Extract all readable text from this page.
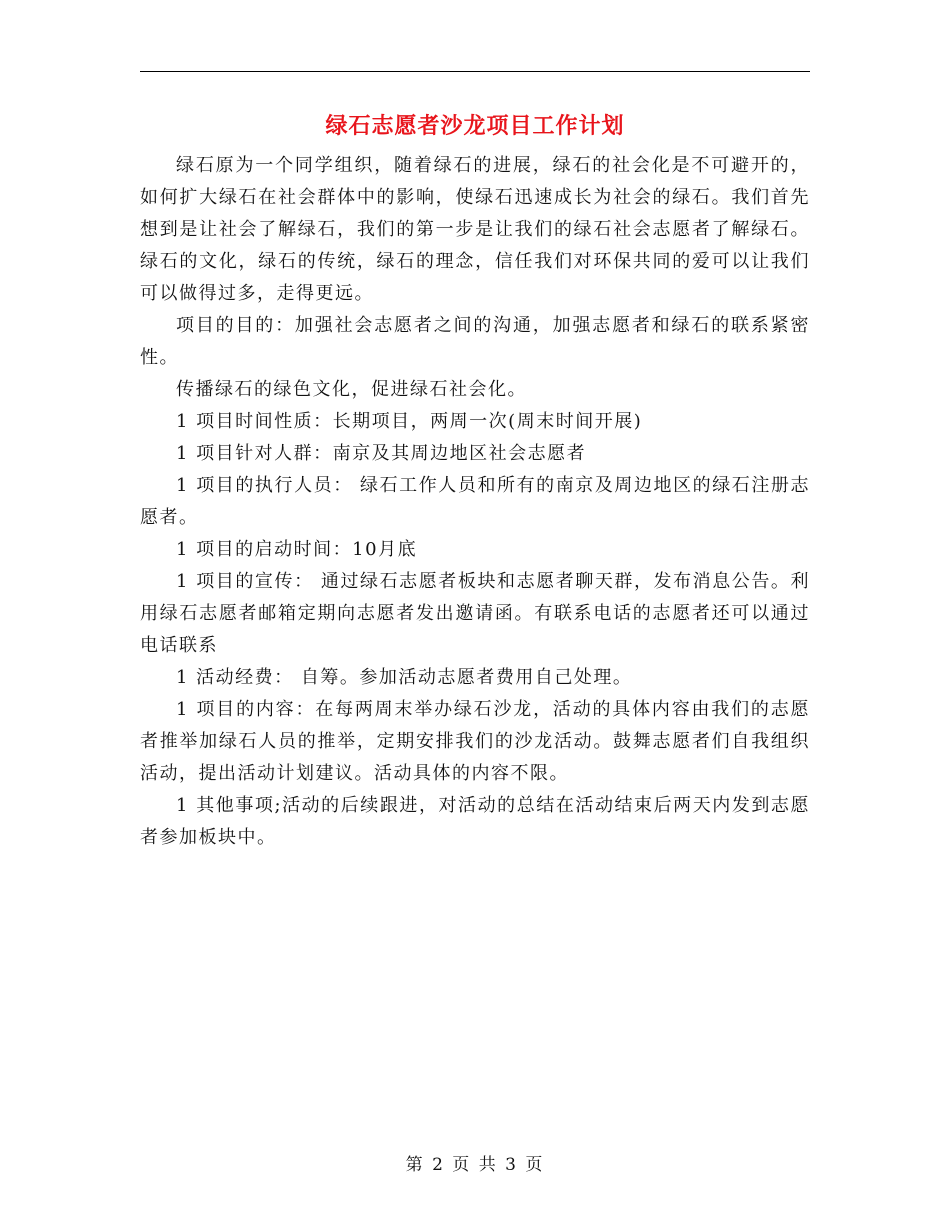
绿石志愿者沙龙项目工作计划

绿石原为一个同学组织，随着绿石的进展，绿石的社会化是不可避开的，如何扩大绿石在社会群体中的影响，使绿石迅速成长为社会的绿石。我们首先想到是让社会了解绿石，我们的第一步是让我们的绿石社会志愿者了解绿石。绿石的文化，绿石的传统，绿石的理念，信任我们对环保共同的爱可以让我们可以做得过多，走得更远。

项目的目的：加强社会志愿者之间的沟通，加强志愿者和绿石的联系紧密性。

传播绿石的绿色文化，促进绿石社会化。

1 项目时间性质：长期项目，两周一次(周末时间开展)

1 项目针对人群：南京及其周边地区社会志愿者

1 项目的执行人员： 绿石工作人员和所有的南京及周边地区的绿石注册志愿者。

1 项目的启动时间：10月底

1 项目的宣传： 通过绿石志愿者板块和志愿者聊天群，发布消息公告。利用绿石志愿者邮箱定期向志愿者发出邀请函。有联系电话的志愿者还可以通过电话联系

1 活动经费： 自筹。参加活动志愿者费用自己处理。

1 项目的内容：在每两周末举办绿石沙龙，活动的具体内容由我们的志愿者推举加绿石人员的推举，定期安排我们的沙龙活动。鼓舞志愿者们自我组织活动，提出活动计划建议。活动具体的内容不限。

1 其他事项;活动的后续跟进，对活动的总结在活动结束后两天内发到志愿者参加板块中。

第 2 页 共 3 页
